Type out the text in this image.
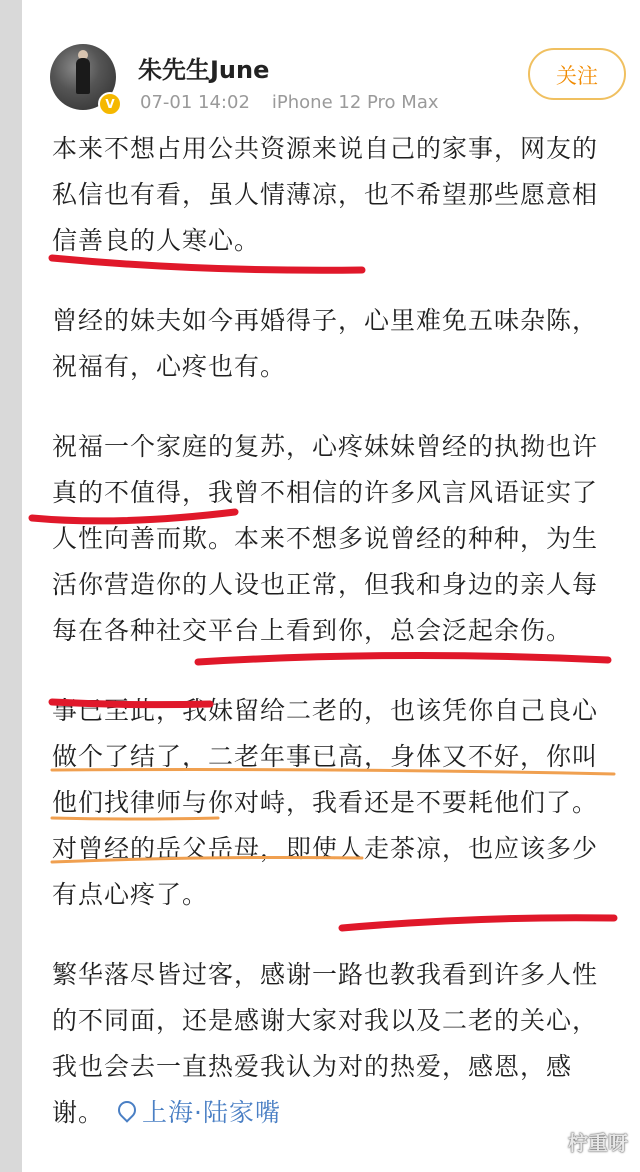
V
朱先生June
07-01 14:02 iPhone 12 Pro Max
关注

本来不想占用公共资源来说自己的家事，网友的私信也有看，虽人情薄凉，也不希望那些愿意相信善良的人寒心。

曾经的妹夫如今再婚得子，心里难免五味杂陈，祝福有，心疼也有。

祝福一个家庭的复苏，心疼妹妹曾经的执拗也许真的不值得，我曾不相信的许多风言风语证实了人性向善而欺。本来不想多说曾经的种种，为生活你营造你的人设也正常，但我和身边的亲人每每在各种社交平台上看到你，总会泛起余伤。

事已至此，我妹留给二老的，也该凭你自己良心做个了结了，二老年事已高，身体又不好，你叫他们找律师与你对峙，我看还是不要耗他们了。对曾经的岳父岳母，即使人走茶凉，也应该多少有点心疼了。

繁华落尽皆过客，感谢一路也教我看到许多人性的不同面，还是感谢大家对我以及二老的关心，我也会去一直热爱我认为对的热爱，感恩，感谢。 上海·陆家嘴

柠重呀
